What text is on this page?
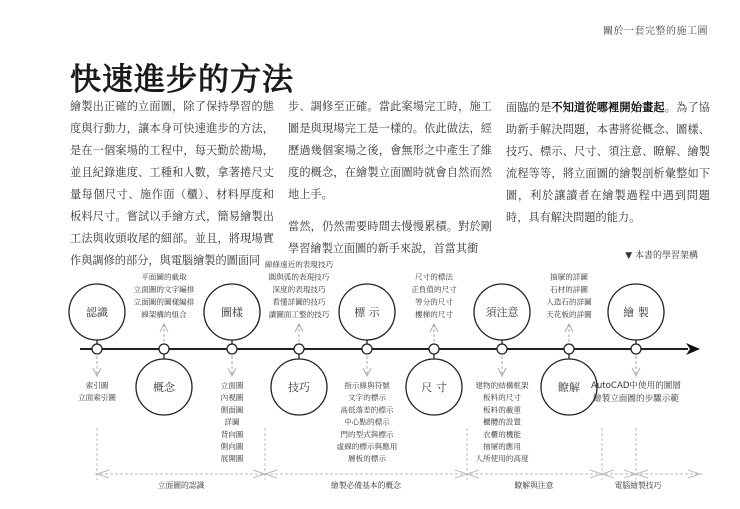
關於一套完整的施工圖
快速進步的方法

繪製出正確的立面圖，除了保持學習的態度與行動力，讓本身可快速進步的方法，是在一個案場的工程中，每天勤於勘場，並且紀錄進度、工種和人數，拿著捲尺丈量每個尺寸、施作面（櫃）、材料厚度和板料尺寸。嘗試以手繪方式，簡易繪製出工法與收頭收尾的細部。並且，將現場實作與調修的部分，與電腦繪製的圖面同

步、調修至正確。當此案場完工時，施工圖是與現場完工是一樣的。依此做法，經歷過幾個案場之後，會無形之中產生了維度的概念，在繪製立面圖時就會自然而然地上手。

當然，仍然需要時間去慢慢累積。對於剛學習繪製立面圖的新手來說，首當其衝

面臨的是不知道從哪裡開始畫起。為了協助新手解決問題，本書將從概念、圖樣、技巧、標示、尺寸、須注意、瞭解、繪製流程等等，將立面圖的繪製剖析彙整如下圖，利於讓讀者在繪製過程中遇到問題時，具有解決問題的能力。

▼ 本書的學習架構
認識	圖樣	標 示	須注意	繪 製
概念	技巧	尺 寸	瞭解
平面圖的截取
立面圖的文字編排
立面圖的圖樣編排
線架構的組合
線條遠近的表現技巧
圓與弧的表現技巧
深度的表現技巧
看懂詳圖的技巧
讀圖面工整的技巧
尺寸的標法
正負值的尺寸
等分的尺寸
樓梯的尺寸
抽屜的詳圖
石材的詳圖
人造石的詳圖
天花板的詳圖
索引圖
立面索引圖
立面圖
內視圖
側面圖
詳圖
背向圖
側向圖
展開圖
指示線與符號
文字的標示
高低落差的標示
中心點的標示
門的型式與標示
虛線的標示與應用
層板的標示
建物的結構框架
板料的尺寸
板料的載重
櫃體的設置
衣櫃的機能
抽屜的應用
人所使用的高度
AutoCAD中使用的圖層
繪製立面圖的步驟示範
立面圖的認識	繪製必備基本的概念	瞭解與注意	電腦繪製技巧
